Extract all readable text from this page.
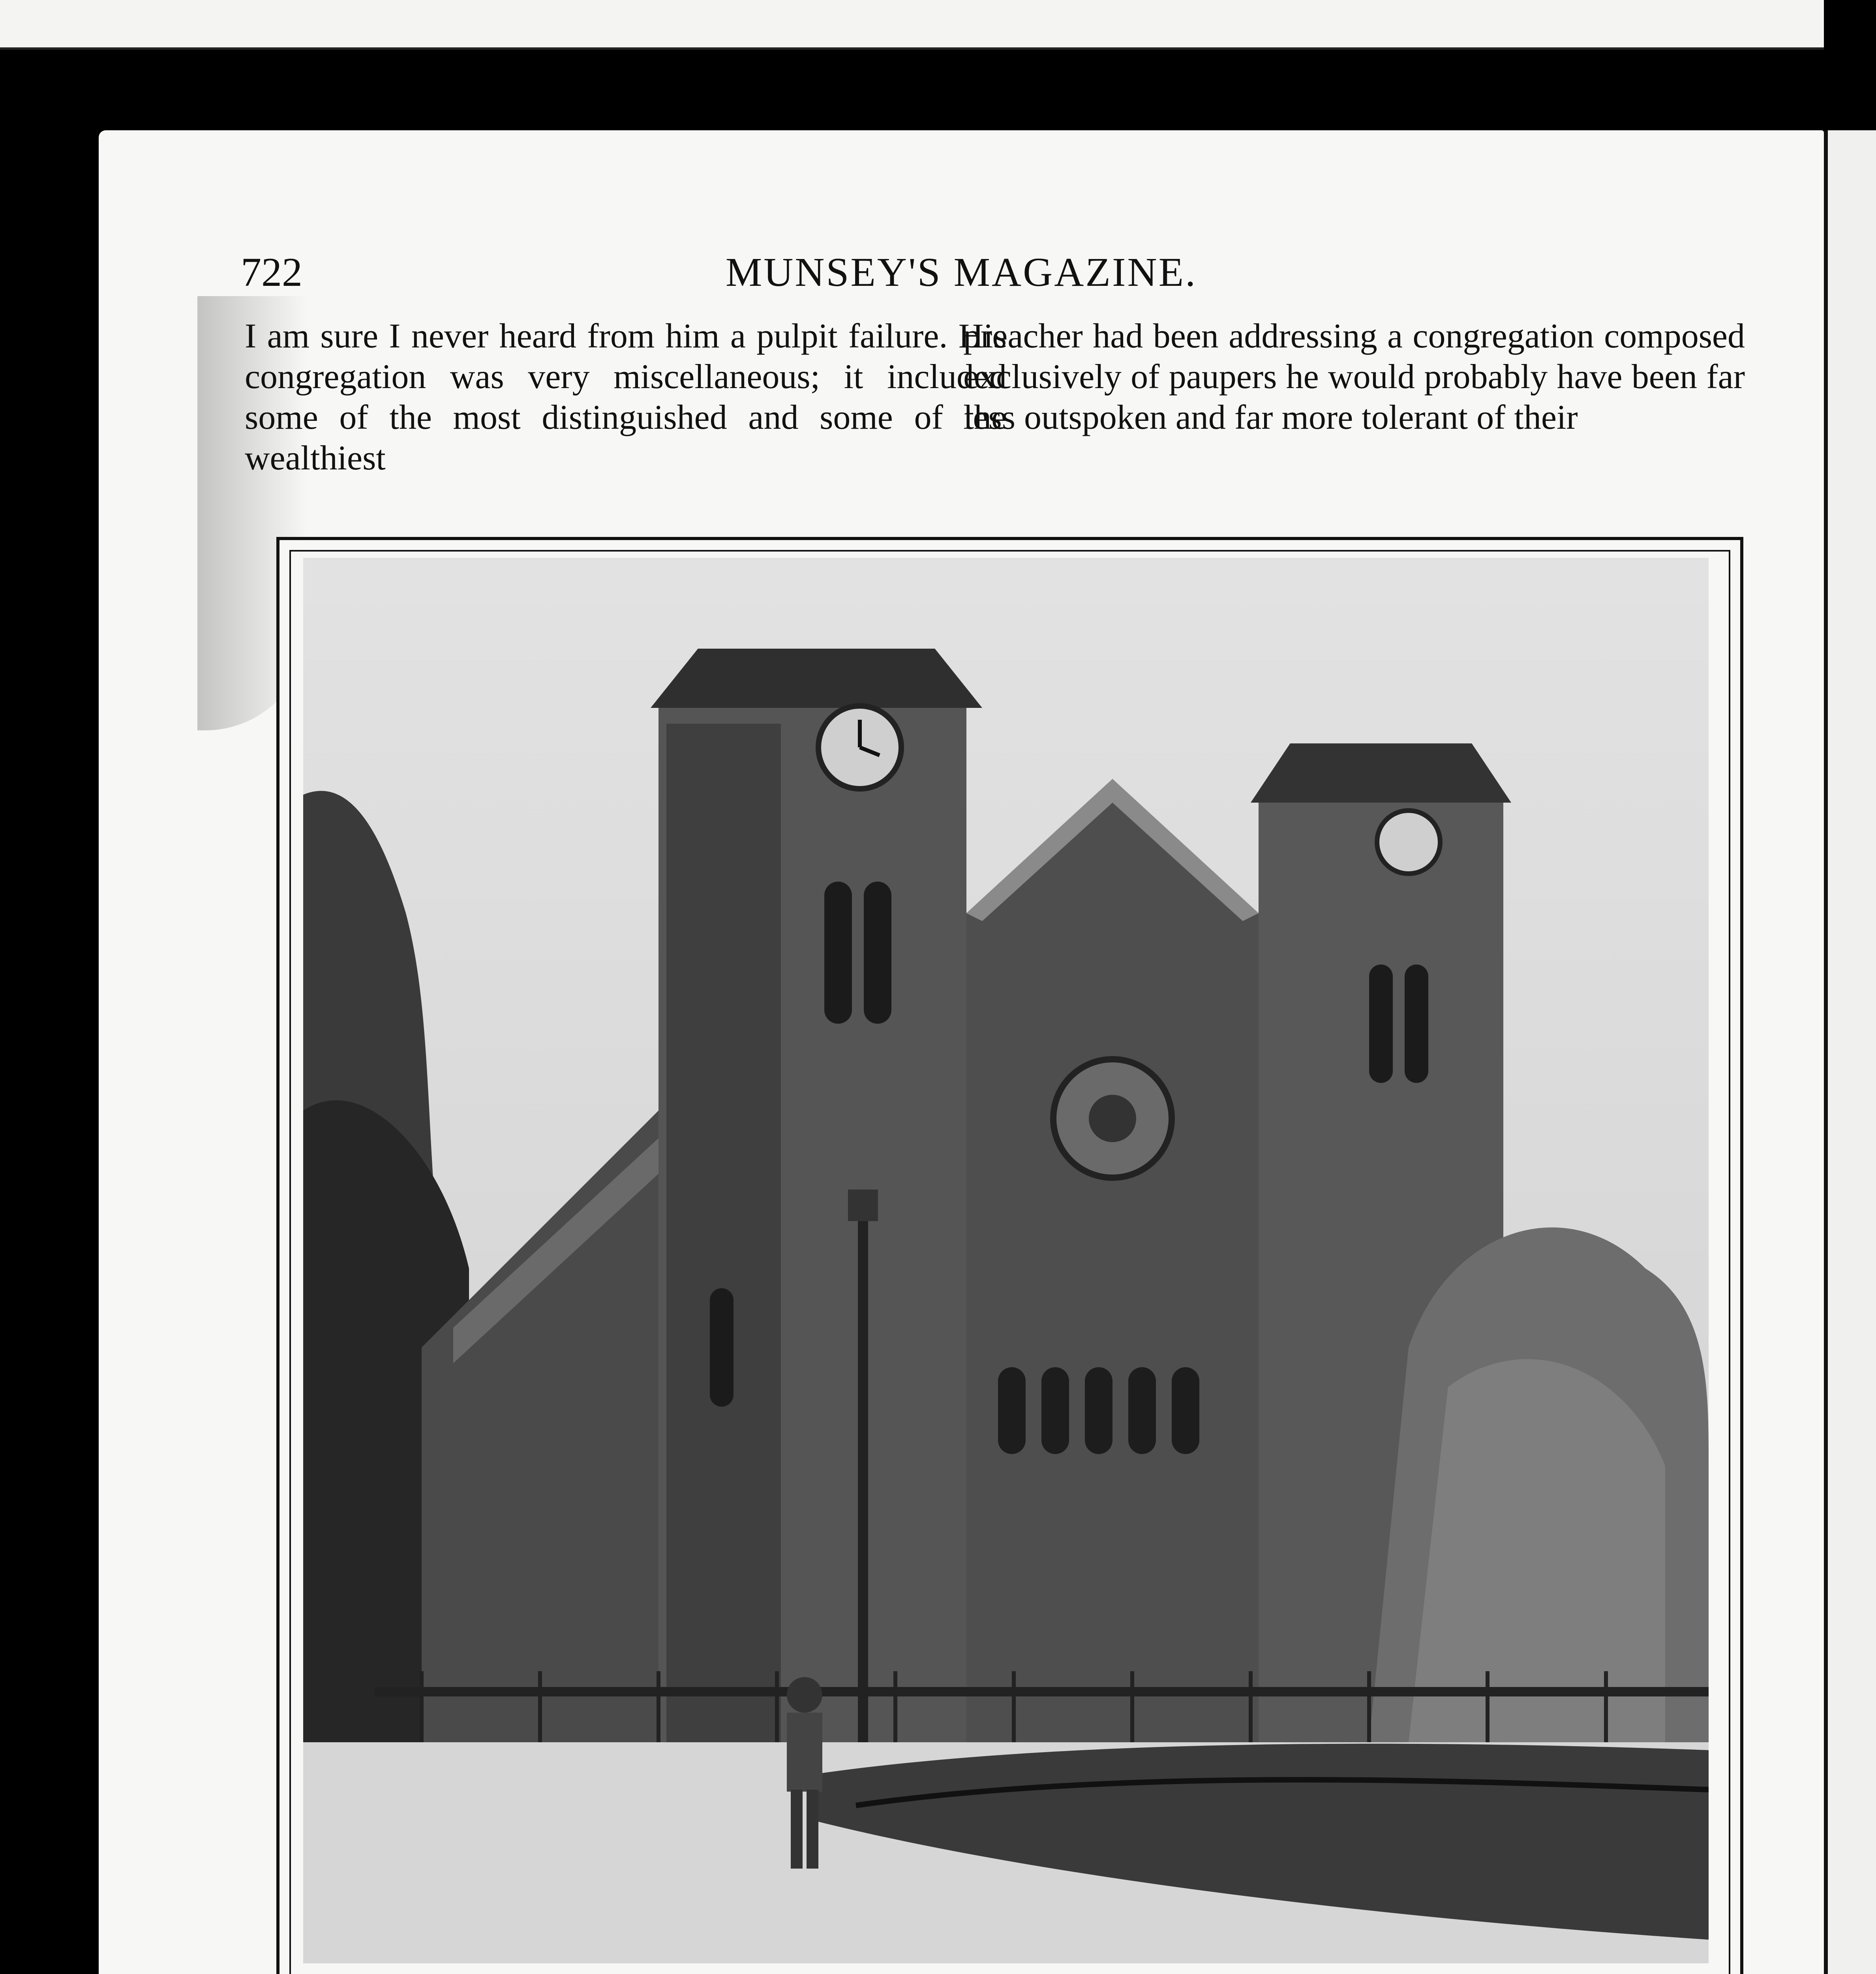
722	MUNSEY'S MAGAZINE.

I am sure I never heard from him a pulpit failure. His congregation was very miscellaneous; it included some of the most distinguished and some of the wealthiest

preacher had been addressing a congregation composed exclusively of paupers he would probably have been far less outspoken and far more tolerant of their
